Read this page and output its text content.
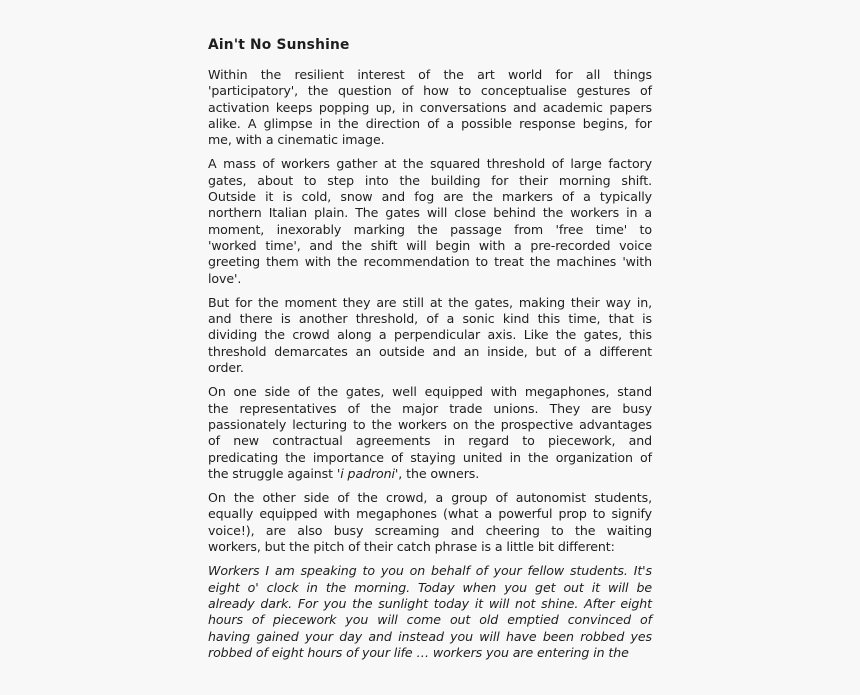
Ain't No Sunshine
Within the resilient interest of the art world for all things
'participatory', the question of how to conceptualise gestures of
activation keeps popping up, in conversations and academic papers
alike. A glimpse in the direction of a possible response begins, for
me, with a cinematic image.
A mass of workers gather at the squared threshold of large factory
gates, about to step into the building for their morning shift.
Outside it is cold, snow and fog are the markers of a typically
northern Italian plain. The gates will close behind the workers in a
moment, inexorably marking the passage from 'free time' to
'worked time', and the shift will begin with a pre-recorded voice
greeting them with the recommendation to treat the machines 'with
love'.
But for the moment they are still at the gates, making their way in,
and there is another threshold, of a sonic kind this time, that is
dividing the crowd along a perpendicular axis. Like the gates, this
threshold demarcates an outside and an inside, but of a different
order.
On one side of the gates, well equipped with megaphones, stand
the representatives of the major trade unions. They are busy
passionately lecturing to the workers on the prospective advantages
of new contractual agreements in regard to piecework, and
predicating the importance of staying united in the organization of
the struggle against 'i padroni', the owners.
On the other side of the crowd, a group of autonomist students,
equally equipped with megaphones (what a powerful prop to signify
voice!), are also busy screaming and cheering to the waiting
workers, but the pitch of their catch phrase is a little bit different:
Workers I am speaking to you on behalf of your fellow students. It's
eight o' clock in the morning. Today when you get out it will be
already dark. For you the sunlight today it will not shine. After eight
hours of piecework you will come out old emptied convinced of
having gained your day and instead you will have been robbed yes
robbed of eight hours of your life … workers you are entering in the
